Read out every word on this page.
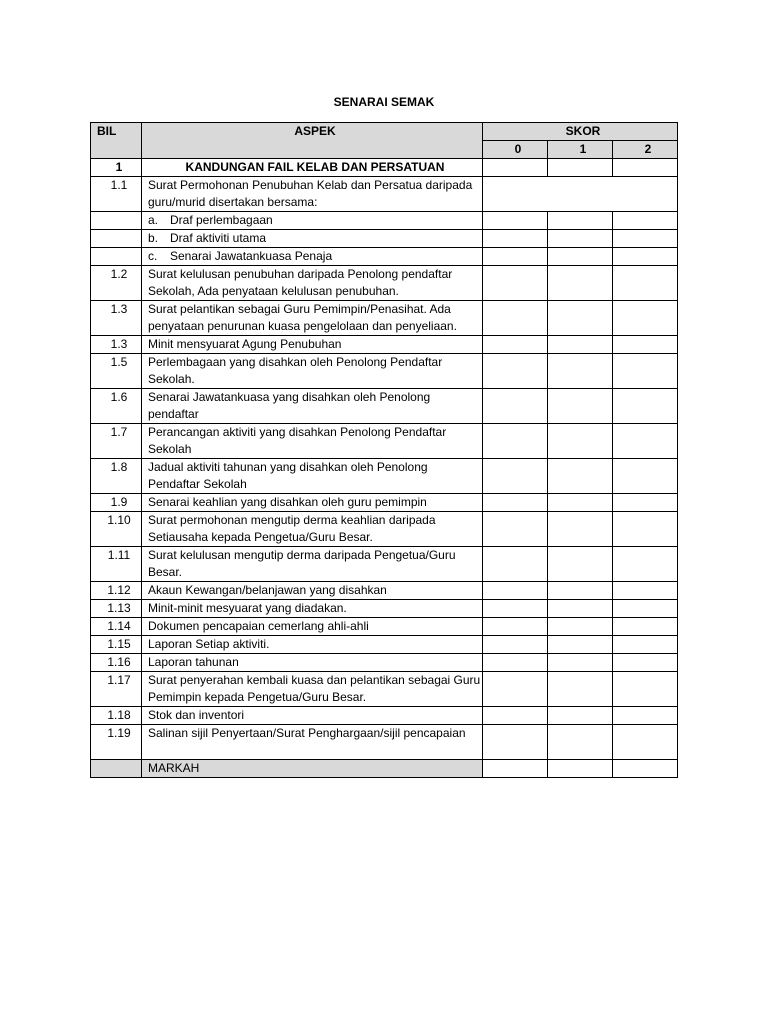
SENARAI SEMAK
BIL	ASPEK	SKOR		
		0	1	2
1	KANDUNGAN FAIL KELAB DAN PERSATUAN			
1.1	Surat Permohonan Penubuhan Kelab dan Persatua daripada guru/murid disertakan bersama:			
	a. Draf perlembagaan			
	b. Draf aktiviti utama			
	c. Senarai Jawatankuasa Penaja			
1.2	Surat kelulusan penubuhan daripada Penolong pendaftar Sekolah, Ada penyataan kelulusan penubuhan.			
1.3	Surat pelantikan sebagai Guru Pemimpin/Penasihat. Ada penyataan penurunan kuasa pengelolaan dan penyeliaan.			
1.3	Minit mensyuarat Agung Penubuhan			
1.5	Perlembagaan yang disahkan oleh Penolong Pendaftar Sekolah.			
1.6	Senarai Jawatankuasa yang disahkan oleh Penolong pendaftar			
1.7	Perancangan aktiviti yang disahkan Penolong Pendaftar Sekolah			
1.8	Jadual aktiviti tahunan yang disahkan oleh Penolong Pendaftar Sekolah			
1.9	Senarai keahlian yang disahkan oleh guru pemimpin			
1.10	Surat permohonan mengutip derma keahlian daripada Setiausaha kepada Pengetua/Guru Besar.			
1.11	Surat kelulusan mengutip derma daripada Pengetua/Guru Besar.			
1.12	Akaun Kewangan/belanjawan yang disahkan			
1.13	Minit-minit mesyuarat yang diadakan.			
1.14	Dokumen pencapaian cemerlang ahli-ahli			
1.15	Laporan Setiap aktiviti.			
1.16	Laporan tahunan			
1.17	Surat penyerahan kembali kuasa dan pelantikan sebagai Guru Pemimpin kepada Pengetua/Guru Besar.			
1.18	Stok dan inventori			
1.19	Salinan sijil Penyertaan/Surat Penghargaan/sijil pencapaian			
	MARKAH			
